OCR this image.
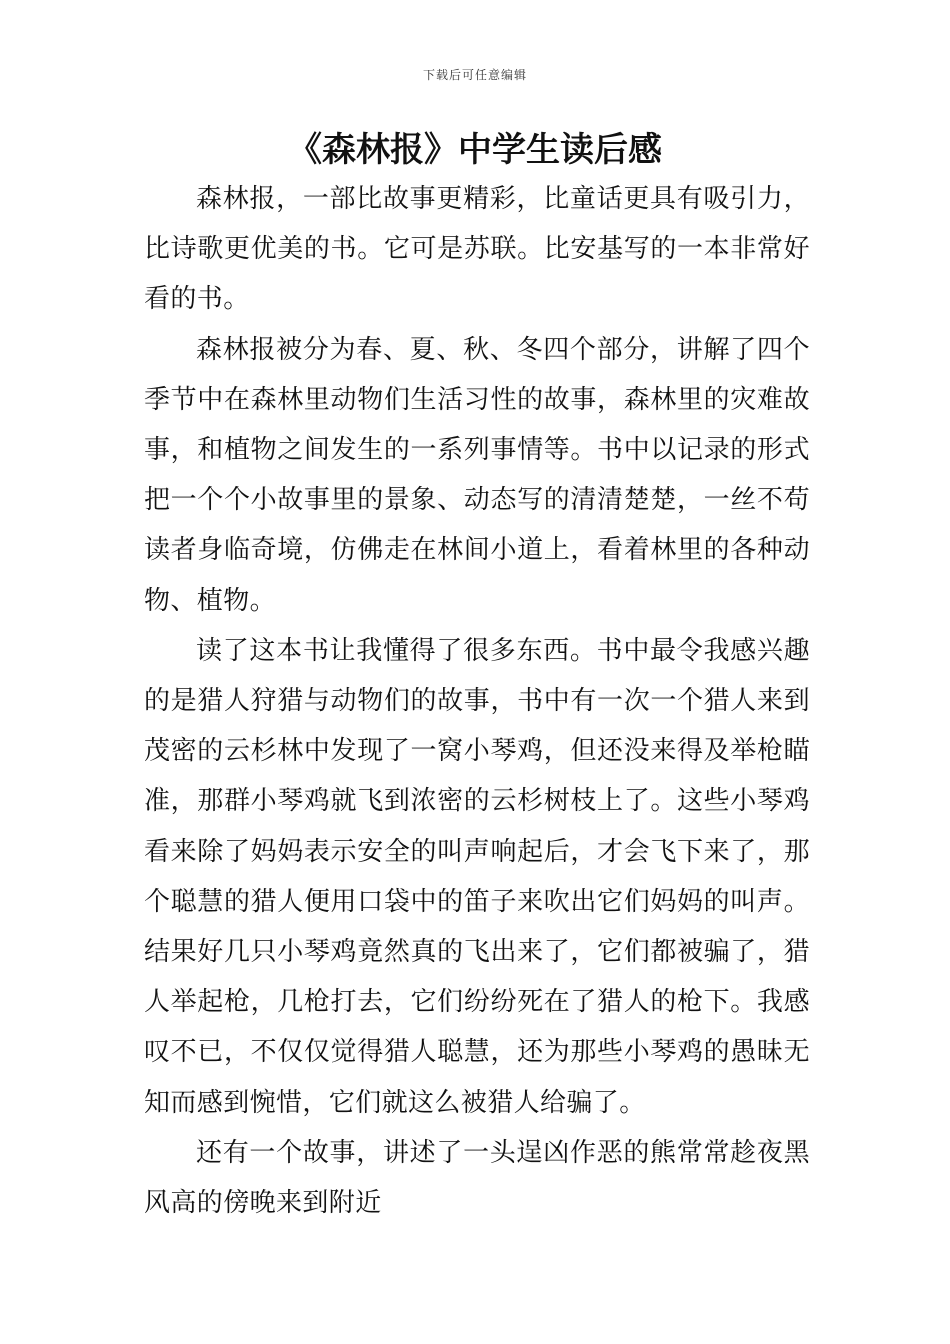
下载后可任意编辑
《森林报》中学生读后感

森林报，一部比故事更精彩，比童话更具有吸引力，比诗歌更优美的书。它可是苏联。比安基写的一本非常好看的书。

森林报被分为春、夏、秋、冬四个部分，讲解了四个季节中在森林里动物们生活习性的故事，森林里的灾难故事，和植物之间发生的一系列事情等。书中以记录的形式把一个个小故事里的景象、动态写的清清楚楚，一丝不苟读者身临奇境，仿佛走在林间小道上，看着林里的各种动物、植物。

读了这本书让我懂得了很多东西。书中最令我感兴趣的是猎人狩猎与动物们的故事，书中有一次一个猎人来到茂密的云杉林中发现了一窝小琴鸡，但还没来得及举枪瞄准，那群小琴鸡就飞到浓密的云杉树枝上了。这些小琴鸡看来除了妈妈表示安全的叫声响起后，才会飞下来了，那个聪慧的猎人便用口袋中的笛子来吹出它们妈妈的叫声。结果好几只小琴鸡竟然真的飞出来了，它们都被骗了，猎人举起枪，几枪打去，它们纷纷死在了猎人的枪下。我感叹不已，不仅仅觉得猎人聪慧，还为那些小琴鸡的愚昧无知而感到惋惜，它们就这么被猎人给骗了。

还有一个故事，讲述了一头逞凶作恶的熊常常趁夜黑风高的傍晚来到附近
